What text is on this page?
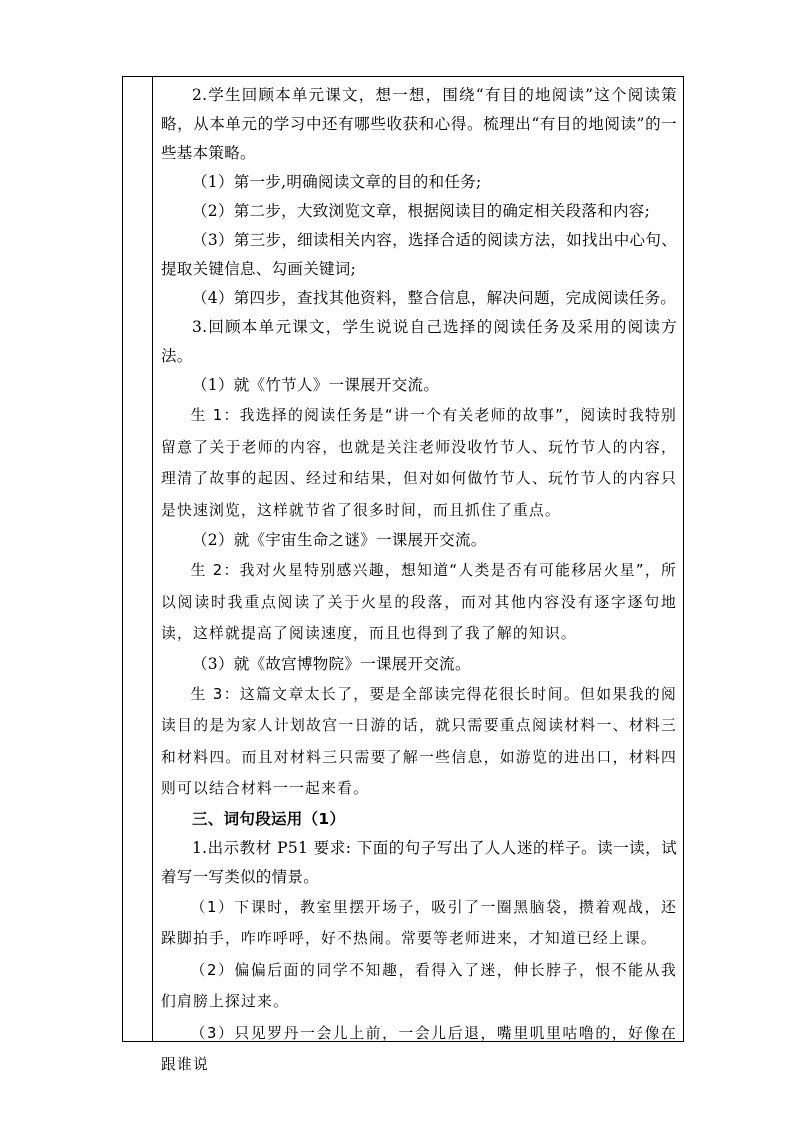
2.学生回顾本单元课文，想一想，围绕“有目的地阅读”这个阅读策略，从本单元的学习中还有哪些收获和心得。梳理出“有目的地阅读”的一些基本策略。

（1）第一步,明确阅读文章的目的和任务;

（2）第二步，大致浏览文章，根据阅读目的确定相关段落和内容;

（3）第三步，细读相关内容，选择合适的阅读方法，如找出中心句、提取关键信息、勾画关键词;

（4）第四步，查找其他资料，整合信息，解决问题，完成阅读任务。

3.回顾本单元课文，学生说说自己选择的阅读任务及采用的阅读方法。

（1）就《竹节人》一课展开交流。

生 1：我选择的阅读任务是“讲一个有关老师的故事”，阅读时我特别留意了关于老师的内容，也就是关注老师没收竹节人、玩竹节人的内容，理清了故事的起因、经过和结果，但对如何做竹节人、玩竹节人的内容只是快速浏览，这样就节省了很多时间，而且抓住了重点。

（2）就《宇宙生命之谜》一课展开交流。

生 2：我对火星特别感兴趣，想知道“人类是否有可能移居火星”，所以阅读时我重点阅读了关于火星的段落，而对其他内容没有逐字逐句地读，这样就提高了阅读速度，而且也得到了我了解的知识。

（3）就《故宫博物院》一课展开交流。

生 3：这篇文章太长了，要是全部读完得花很长时间。但如果我的阅读目的是为家人计划故宫一日游的话，就只需要重点阅读材料一、材料三和材料四。而且对材料三只需要了解一些信息，如游览的进出口，材料四则可以结合材料一一起来看。

三、词句段运用（1）

1.出示教材 P51 要求: 下面的句子写出了人人迷的样子。读一读，试着写一写类似的情景。

（1）下课时，教室里摆开场子，吸引了一圈黑脑袋，攒着观战，还跺脚拍手，咋咋呼呼，好不热闹。常要等老师进来，才知道已经上课。

（2）偏偏后面的同学不知趣，看得入了迷，伸长脖子，恨不能从我们肩膀上探过来。

（3）只见罗丹一会儿上前，一会儿后退，嘴里叽里咕噜的，好像在跟谁说
